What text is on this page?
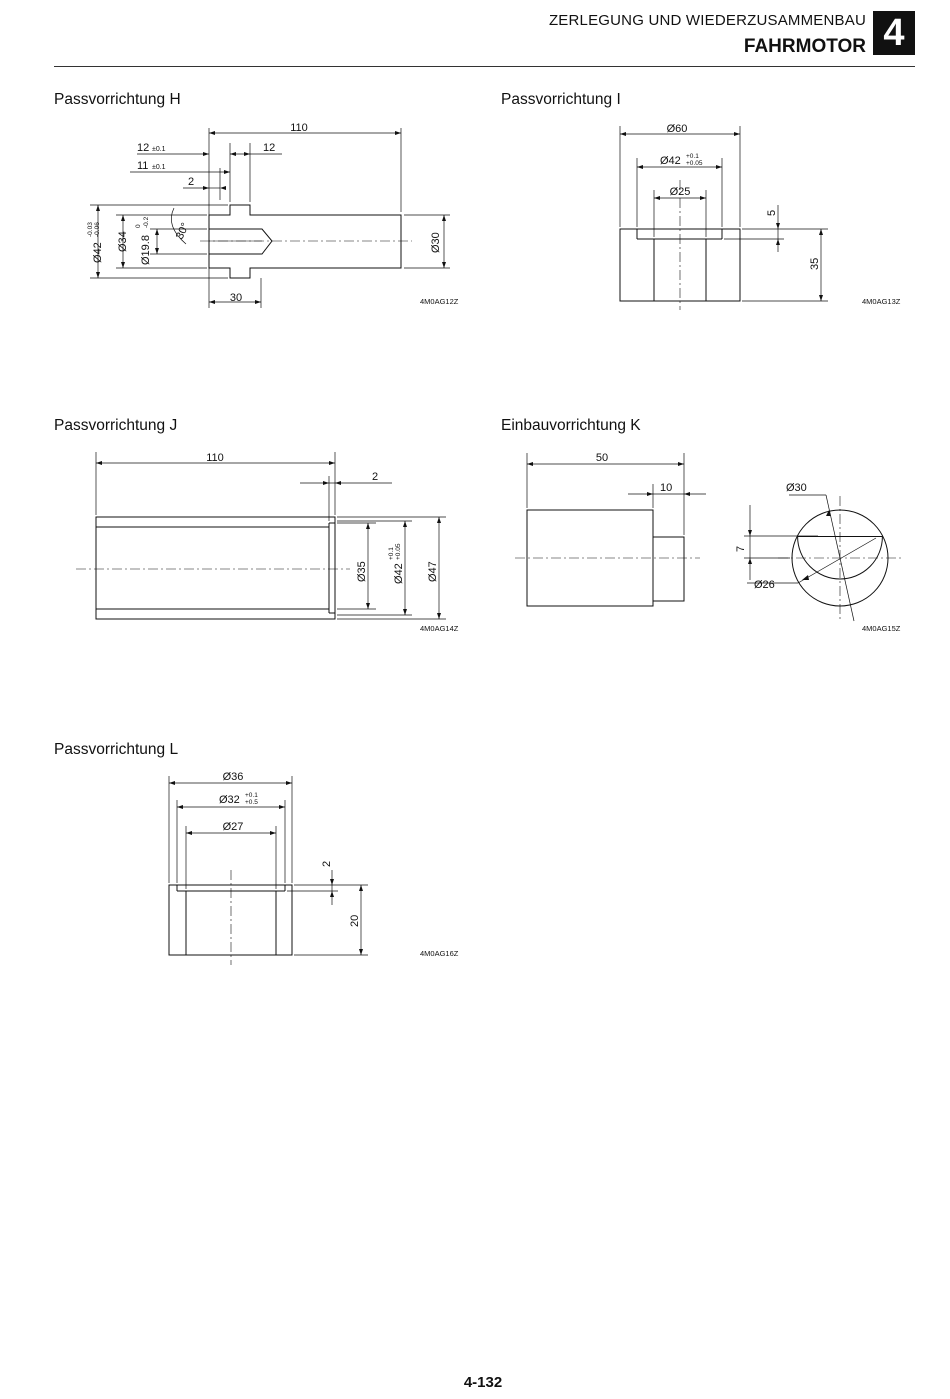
ZERLEGUNG UND WIEDERZUSAMMENBAU
FAHRMOTOR 4
Passvorrichtung H
110
12 ±0.1
11 ±0.1
2
12
30°
30
Ø42
-0.03 -0.06
Ø34 Ø19.8
0 -0.2
Ø30
4M0AG12Z
Passvorrichtung I
Ø60
Ø42 +0.1
+0.05
Ø25
5
35
4M0AG13Z
Passvorrichtung J
110
2
Ø35 Ø42
+0.1 +0.05
Ø47
4M0AG14Z
Einbauvorrichtung K
50
10	Ø30
7
Ø26
4M0AG15Z
Passvorrichtung L
Ø36
Ø32 +0.1
+0.5
Ø27
2
20
4M0AG16Z
4-132
